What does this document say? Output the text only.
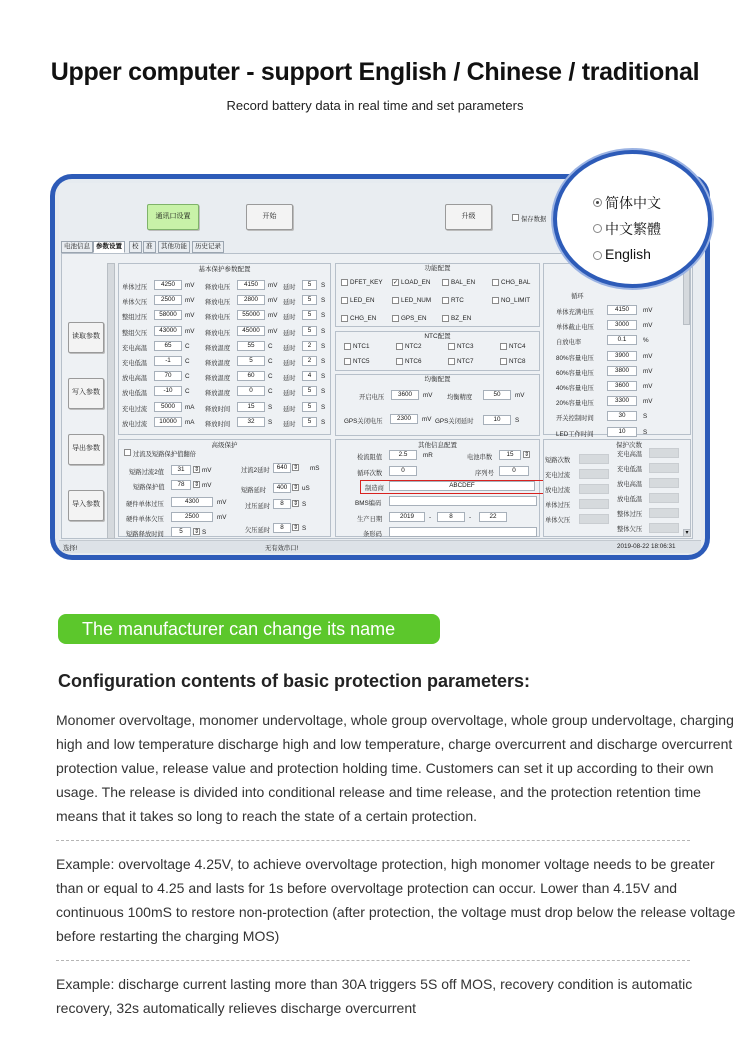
Upper computer - support English / Chinese / traditional
Record battery data in real time and set parameters
通讯口设置	开始	升级	保存数据
电池信息 参数设置	校	准	其他功能	历史记录
读取参数
写入参数
导出参数
导入参数
基本保护参数配置
单体过压	4250	mV 释放电压	4150	mV 延时	5	S
单体欠压	2500	mV 释放电压	2800	mV 延时	5	S
整组过压	58000	mV 释放电压	55000	mV 延时	5	S
整组欠压	43000	mV 释放电压	45000	mV 延时	5	S
充电高温	65	C 释放温度	55	C 延时	2	S
充电低温	-1	C 释放温度	5	C 延时	2	S
放电高温	70	C 释放温度	60	C 延时	4	S
放电低温	-10	C 释放温度	0	C 延时	5	S
充电过流	5000	mA 释放时间	15	S 延时	5	S
放电过流	10000	mA 释放时间	32	S 延时	5	S
功能配置
DFET_KEY ✓ LOAD_EN	BAL_EN	CHG_BAL
LED_EN	LED_NUM	RTC	NO_LIMIT
CHG_EN	GPS_EN	BZ_EN
NTC配置
NTC1	NTC2	NTC3	NTC4
NTC5	NTC6	NTC7	NTC8
均衡配置
开启电压	3600	mV 均衡精度	50	mV
GPS关闭电压	2300	mV GPS关闭延时	10	S
循环
单体充满电压	4150	mV
单体截止电压	3000	mV
自放电率	0.1	%
80%容量电压	3900	mV
60%容量电压	3800	mV
40%容量电压	3600	mV
20%容量电压	3300	mV
开关控制时间	30	S
LED工作时间	10	S
高级保护
过流及短路保护值翻倍
短路过流2值	31	⇕ mV
短路保护值	78	⇕ mV
硬件单体过压	4300	mV
硬件单体欠压	2500	mV
短路释放时间	5	⇕ S
过流2延时	640 ⇕ mS
短路延时	400 ⇕ uS
过压延时	8	⇕ S
欠压延时	8	⇕ S
其他信息配置
检流阻值	2.5	mR	电池串数	15	⇕
循环次数	0	序列号	0
制造商	ABCDEF
BMS编码
生产日期	2019	-	8	-	22
条形码
保护次数
短路次数
充电过流
放电过流
单体过压
单体欠压
充电高温
充电低温
放电高温
放电低温
整体过压
整体欠压	▾
选择!	无有效串口!	2019-08-22 18:06:31
简体中文
中文繁體
English
The manufacturer can change its name
Configuration contents of basic protection parameters:
Monomer overvoltage, monomer undervoltage, whole group overvoltage, whole group undervoltage, charging high and low temperature discharge high and low temperature, charge overcurrent and discharge overcurrent protection value, release value and protection holding time. Customers can set it up according to their own usage. The release is divided into conditional release and time release, and the protection retention time means that it takes so long to reach the state of a certain protection.
Example: overvoltage 4.25V, to achieve overvoltage protection, high monomer voltage needs to be greater than or equal to 4.25 and lasts for 1s before overvoltage protection can occur. Lower than 4.15V and continuous 100mS to restore non-protection (after protection, the voltage must drop below the release voltage before restarting the charging MOS)
Example: discharge current lasting more than 30A triggers 5S off MOS, recovery condition is automatic recovery, 32s automatically relieves discharge overcurrent
